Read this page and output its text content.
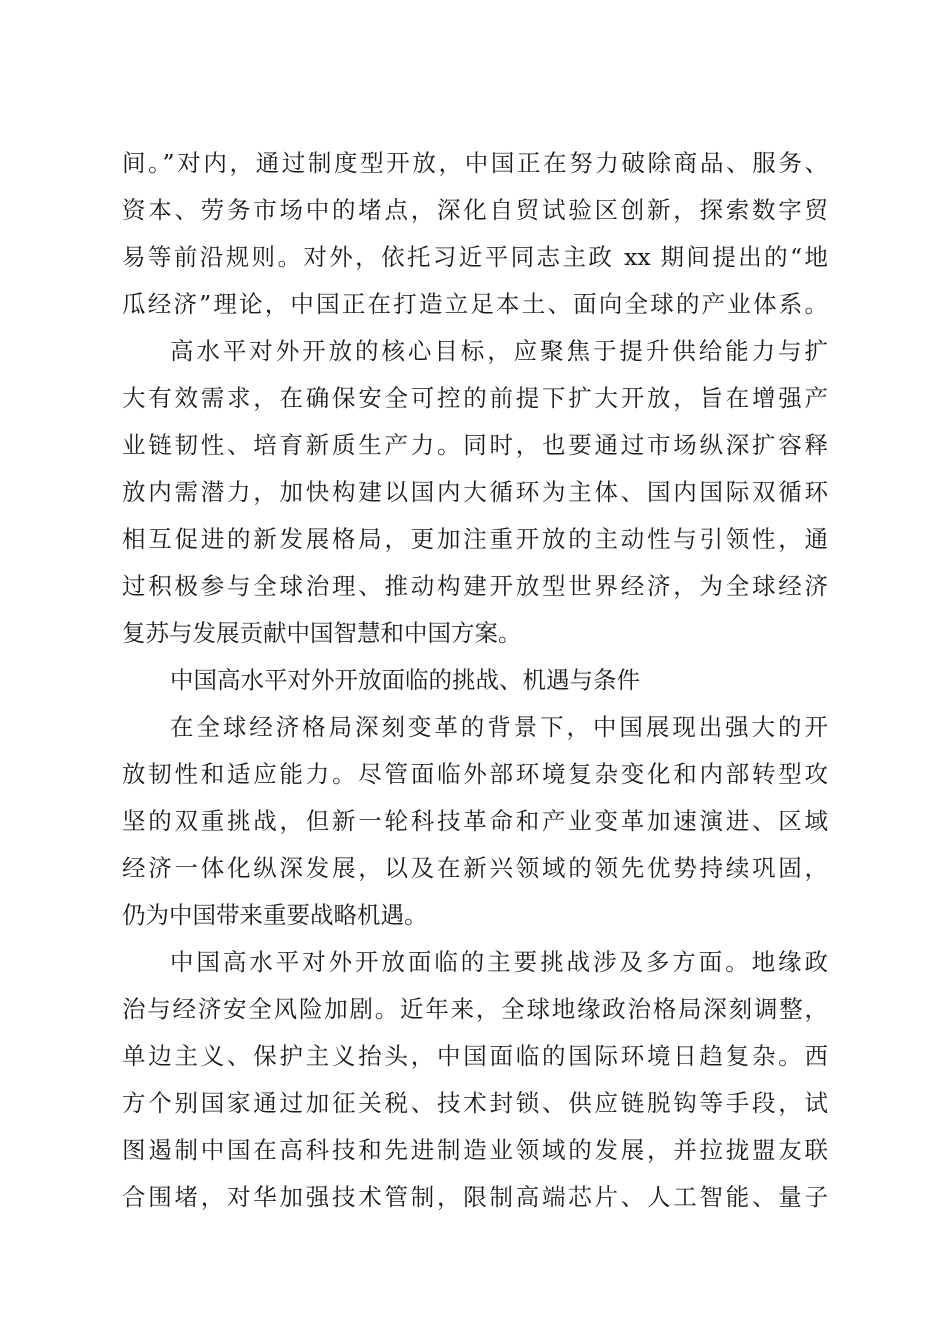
间。”对内，通过制度型开放，中国正在努力破除商品、服务、
资本、劳务市场中的堵点，深化自贸试验区创新，探索数字贸
易等前沿规则。对外，依托习近平同志主政 xx 期间提出的“地
瓜经济”理论，中国正在打造立足本土、面向全球的产业体系。
高水平对外开放的核心目标，应聚焦于提升供给能力与扩
大有效需求，在确保安全可控的前提下扩大开放，旨在增强产
业链韧性、培育新质生产力。同时，也要通过市场纵深扩容释
放内需潜力，加快构建以国内大循环为主体、国内国际双循环
相互促进的新发展格局，更加注重开放的主动性与引领性，通
过积极参与全球治理、推动构建开放型世界经济，为全球经济
复苏与发展贡献中国智慧和中国方案。
中国高水平对外开放面临的挑战、机遇与条件
在全球经济格局深刻变革的背景下，中国展现出强大的开
放韧性和适应能力。尽管面临外部环境复杂变化和内部转型攻
坚的双重挑战，但新一轮科技革命和产业变革加速演进、区域
经济一体化纵深发展，以及在新兴领域的领先优势持续巩固，
仍为中国带来重要战略机遇。
中国高水平对外开放面临的主要挑战涉及多方面。地缘政
治与经济安全风险加剧。近年来，全球地缘政治格局深刻调整，
单边主义、保护主义抬头，中国面临的国际环境日趋复杂。西
方个别国家通过加征关税、技术封锁、供应链脱钩等手段，试
图遏制中国在高科技和先进制造业领域的发展，并拉拢盟友联
合围堵，对华加强技术管制，限制高端芯片、人工智能、量子
